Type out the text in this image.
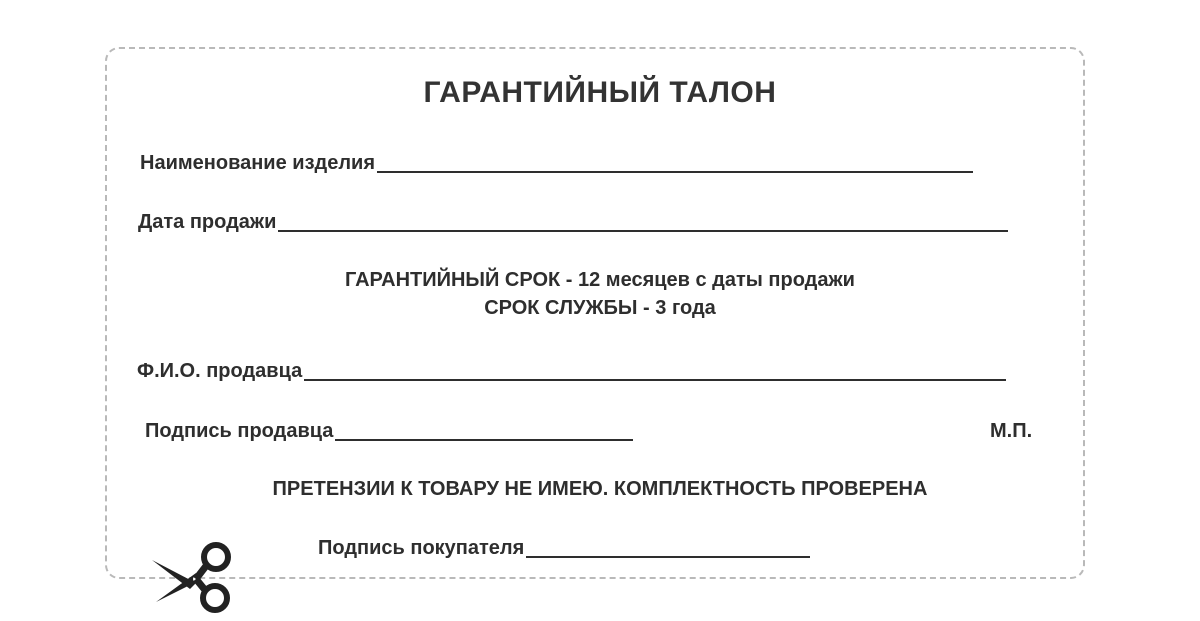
ГАРАНТИЙНЫЙ ТАЛОН
Наименование изделия
Дата продажи
ГАРАНТИЙНЫЙ СРОК - 12 месяцев с даты продажи
СРОК СЛУЖБЫ - 3 года
Ф.И.О. продавца
Подпись продавца	М.П.
ПРЕТЕНЗИИ К ТОВАРУ НЕ ИМЕЮ. КОМПЛЕКТНОСТЬ ПРОВЕРЕНА
Подпись покупателя
